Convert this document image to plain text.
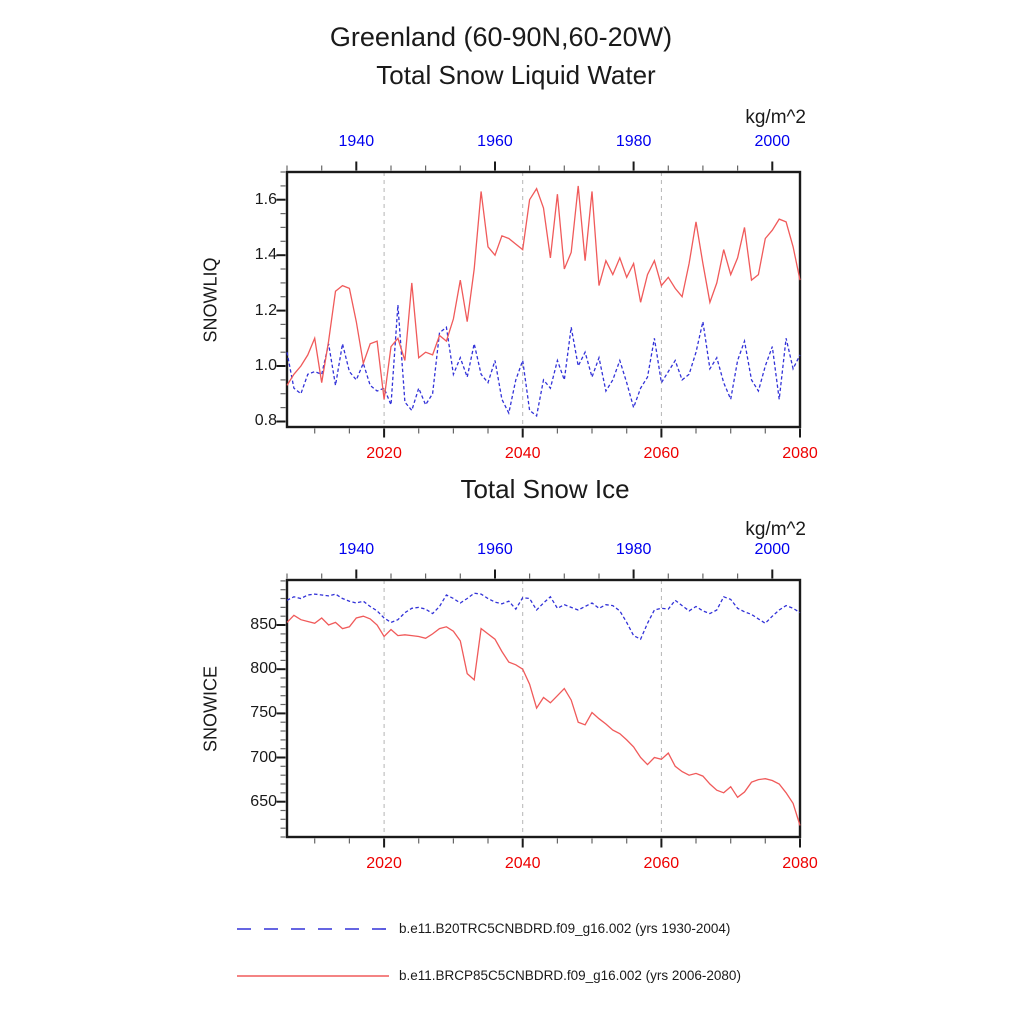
Greenland (60-90N,60-20W)
Total Snow Liquid Water
kg/m^2
SNOWLIQ
2020	2040	2060	2080
1940	1960	1980	2000
0.8
1.0
1.2
1.4
1.6
Total Snow Ice
kg/m^2
SNOWICE
2020	2040	2060	2080
1940	1960	1980	2000
650
700
750
800
850
b.e11.B20TRC5CNBDRD.f09_g16.002 (yrs 1930-2004)
b.e11.BRCP85C5CNBDRD.f09_g16.002 (yrs 2006-2080)
